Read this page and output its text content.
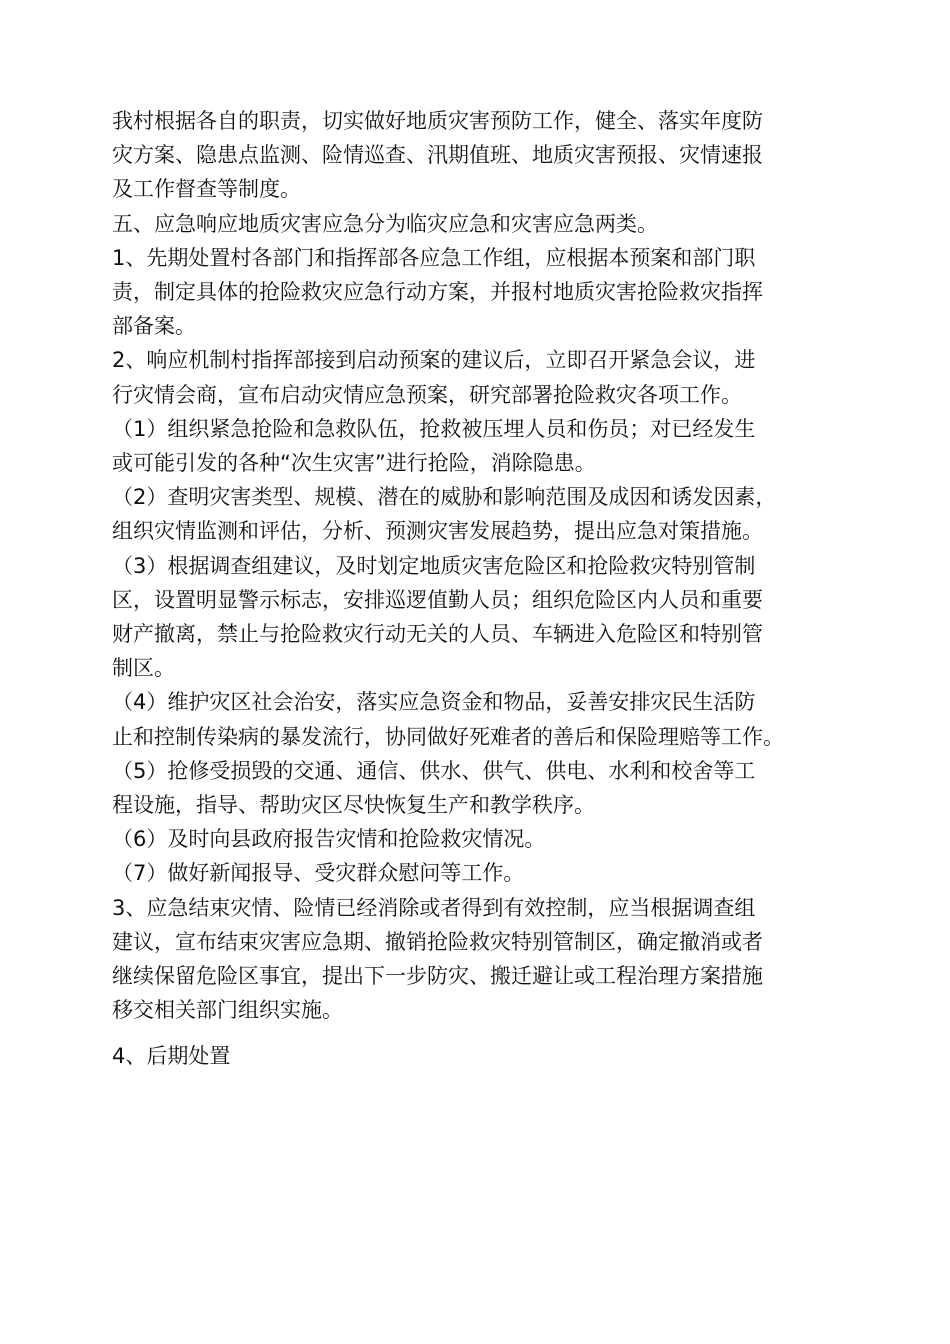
我村根据各自的职责，切实做好地质灾害预防工作，健全、落实年度防
灾方案、隐患点监测、险情巡查、汛期值班、地质灾害预报、灾情速报
及工作督查等制度。

五、应急响应地质灾害应急分为临灾应急和灾害应急两类。

1、先期处置村各部门和指挥部各应急工作组，应根据本预案和部门职
责，制定具体的抢险救灾应急行动方案，并报村地质灾害抢险救灾指挥
部备案。

2、响应机制村指挥部接到启动预案的建议后，立即召开紧急会议，进
行灾情会商，宣布启动灾情应急预案，研究部署抢险救灾各项工作。

（1）组织紧急抢险和急救队伍，抢救被压埋人员和伤员；对已经发生
或可能引发的各种“次生灾害”进行抢险，消除隐患。

（2）查明灾害类型、规模、潜在的威胁和影响范围及成因和诱发因素，
组织灾情监测和评估，分析、预测灾害发展趋势，提出应急对策措施。

（3）根据调查组建议，及时划定地质灾害危险区和抢险救灾特别管制
区，设置明显警示标志，安排巡逻值勤人员；组织危险区内人员和重要
财产撤离，禁止与抢险救灾行动无关的人员、车辆进入危险区和特别管
制区。

（4）维护灾区社会治安，落实应急资金和物品，妥善安排灾民生活防
止和控制传染病的暴发流行，协同做好死难者的善后和保险理赔等工作。

（5）抢修受损毁的交通、通信、供水、供气、供电、水利和校舍等工
程设施，指导、帮助灾区尽快恢复生产和教学秩序。

（6）及时向县政府报告灾情和抢险救灾情况。

（7）做好新闻报导、受灾群众慰问等工作。

3、应急结束灾情、险情已经消除或者得到有效控制，应当根据调查组
建议，宣布结束灾害应急期、撤销抢险救灾特别管制区，确定撤消或者
继续保留危险区事宜，提出下一步防灾、搬迁避让或工程治理方案措施
移交相关部门组织实施。

4、后期处置
